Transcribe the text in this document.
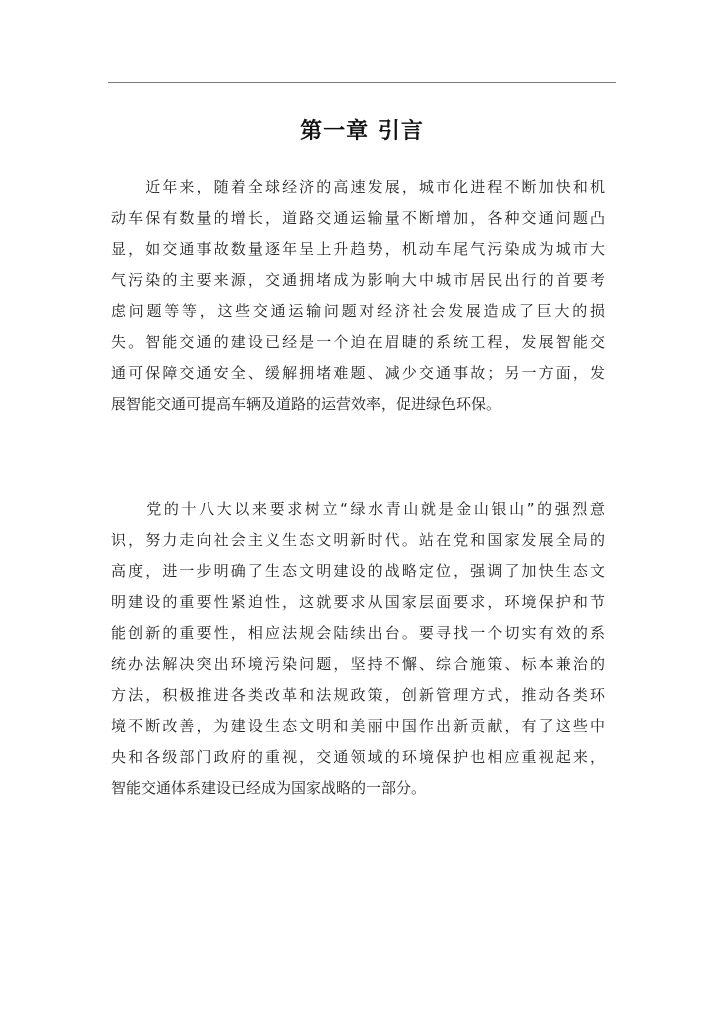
第一章 引言
　　近年来，随着全球经济的高速发展，城市化进程不断加快和机
动车保有数量的增长，道路交通运输量不断增加，各种交通问题凸
显，如交通事故数量逐年呈上升趋势，机动车尾气污染成为城市大
气污染的主要来源，交通拥堵成为影响大中城市居民出行的首要考
虑问题等等，这些交通运输问题对经济社会发展造成了巨大的损
失。智能交通的建设已经是一个迫在眉睫的系统工程，发展智能交
通可保障交通安全、缓解拥堵难题、减少交通事故；另一方面，发
展智能交通可提高车辆及道路的运营效率，促进绿色环保。
　　党的十八大以来要求树立“绿水青山就是金山银山”的强烈意
识，努力走向社会主义生态文明新时代。站在党和国家发展全局的
高度，进一步明确了生态文明建设的战略定位，强调了加快生态文
明建设的重要性紧迫性，这就要求从国家层面要求，环境保护和节
能创新的重要性，相应法规会陆续出台。要寻找一个切实有效的系
统办法解决突出环境污染问题，坚持不懈、综合施策、标本兼治的
方法，积极推进各类改革和法规政策，创新管理方式，推动各类环
境不断改善，为建设生态文明和美丽中国作出新贡献，有了这些中
央和各级部门政府的重视，交通领域的环境保护也相应重视起来，
智能交通体系建设已经成为国家战略的一部分。
